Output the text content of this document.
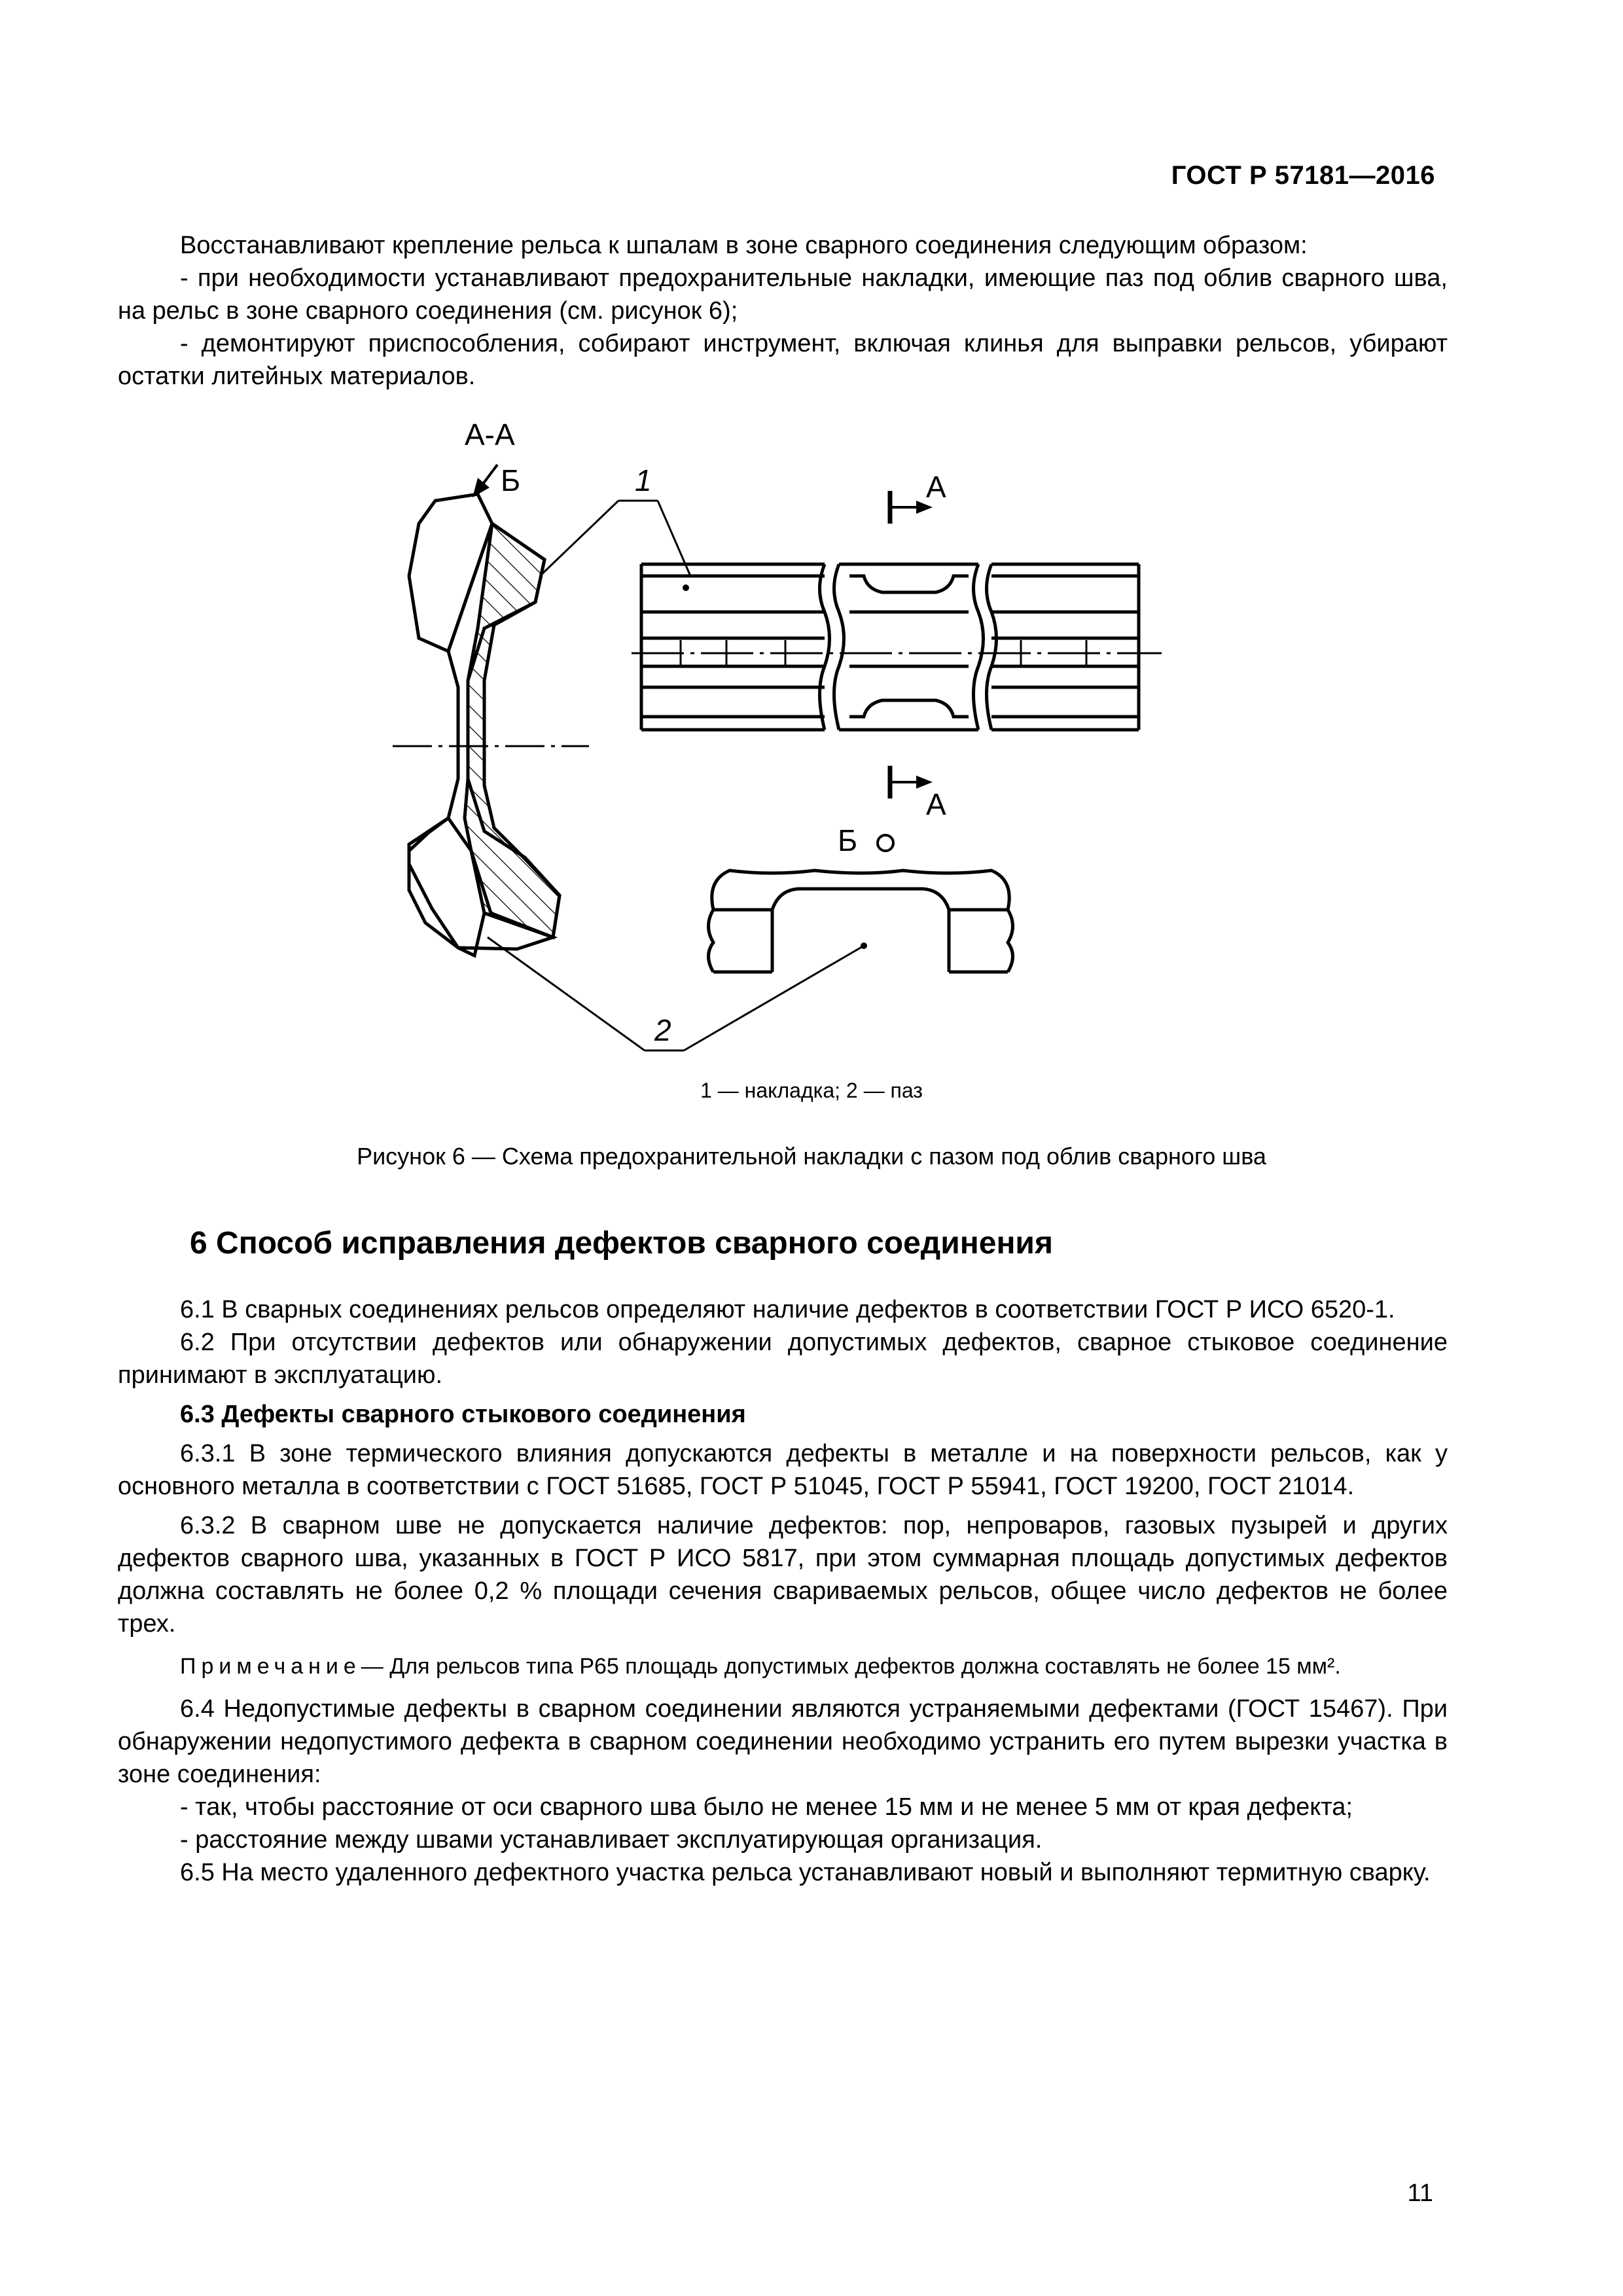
ГОСТ Р 57181—2016

Восстанавливают крепление рельса к шпалам в зоне сварного соединения следующим образом:

- при необходимости устанавливают предохранительные накладки, имеющие паз под облив сварного шва, на рельс в зоне сварного соединения (см. рисунок 6);

- демонтируют приспособления, собирают инструмент, включая клинья для выправки рельсов, убирают остатки литейных материалов.

А-А
Б	1
2
А
А
Б
1 — накладка; 2 — паз
Рисунок 6 — Схема предохранительной накладки с пазом под облив сварного шва
6 Способ исправления дефектов сварного соединения

6.1 В сварных соединениях рельсов определяют наличие дефектов в соответствии ГОСТ Р ИСО 6520-1.

6.2 При отсутствии дефектов или обнаружении допустимых дефектов, сварное стыковое соединение принимают в эксплуатацию.

6.3 Дефекты сварного стыкового соединения

6.3.1 В зоне термического влияния допускаются дефекты в металле и на поверхности рельсов, как у основного металла в соответствии с ГОСТ 51685, ГОСТ Р 51045, ГОСТ Р 55941, ГОСТ 19200, ГОСТ 21014.

6.3.2 В сварном шве не допускается наличие дефектов: пор, непроваров, газовых пузырей и других дефектов сварного шва, указанных в ГОСТ Р ИСО 5817, при этом суммарная площадь допустимых дефектов должна составлять не более 0,2 % площади сечения свариваемых рельсов, общее число дефектов не более трех.

Примечание— Для рельсов типа Р65 площадь допустимых дефектов должна составлять не более 15 мм².

6.4 Недопустимые дефекты в сварном соединении являются устраняемыми дефектами (ГОСТ 15467). При обнаружении недопустимого дефекта в сварном соединении необходимо устранить его путем вырезки участка в зоне соединения:

- так, чтобы расстояние от оси сварного шва было не менее 15 мм и не менее 5 мм от края дефекта;

- расстояние между швами устанавливает эксплуатирующая организация.

6.5 На место удаленного дефектного участка рельса устанавливают новый и выполняют термитную сварку.

11
